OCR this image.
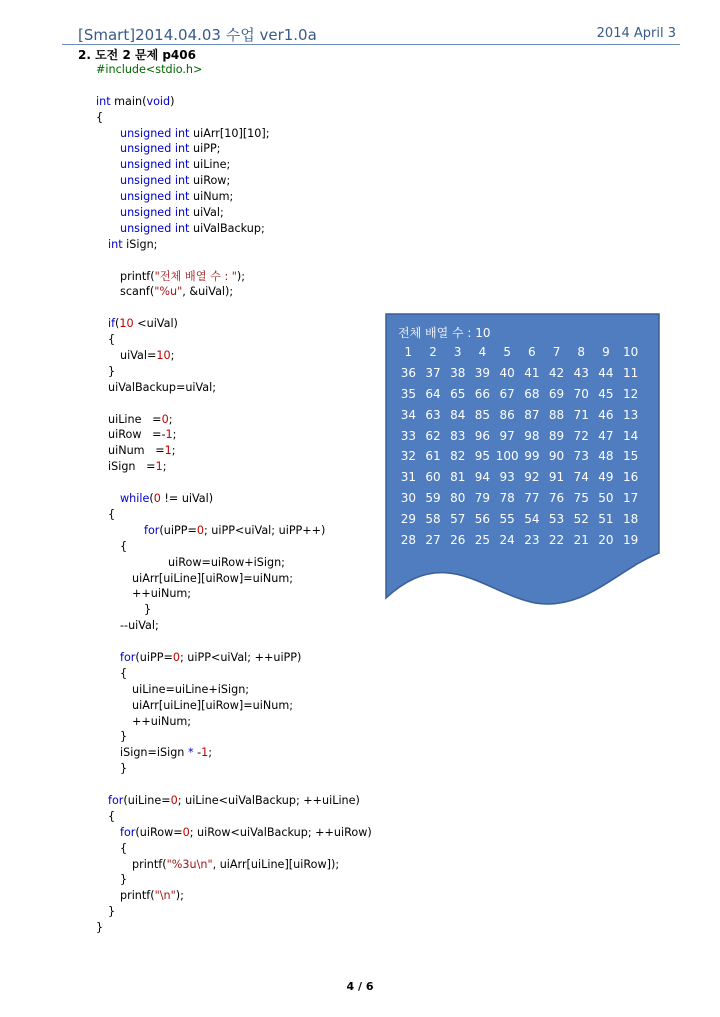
[Smart]2014.04.03 수업 ver1.0a	2014 April 3
2. 도전 2 문제 p406
#include<stdio.h>
int main(void)
{
unsigned int uiArr[10][10];
unsigned int uiPP;
unsigned int uiLine;
unsigned int uiRow;
unsigned int uiNum;
unsigned int uiVal;
unsigned int uiValBackup;
int iSign;
printf("전체 배열 수 : ");
scanf("%u", &uiVal);
if(10 <uiVal)
{
uiVal=10;
}
uiValBackup=uiVal;
uiLine   =0;
uiRow   =-1;
uiNum   =1;
iSign   =1;
while(0 != uiVal)
{
for(uiPP=0; uiPP<uiVal; uiPP++)
{
uiRow=uiRow+iSign;
uiArr[uiLine][uiRow]=uiNum;
++uiNum;
}
--uiVal;
for(uiPP=0; uiPP<uiVal; ++uiPP)
{
uiLine=uiLine+iSign;
uiArr[uiLine][uiRow]=uiNum;
++uiNum;
}
iSign=iSign * -1;
}
for(uiLine=0; uiLine<uiValBackup; ++uiLine)
{
for(uiRow=0; uiRow<uiValBackup; ++uiRow)
{
printf("%3u\n", uiArr[uiLine][uiRow]);
}
printf("\n");
}
}
전체 배열 수 : 10
1	2	3	4	5	6	7	8	9	10
36 37 38 39 40 41 42 43 44 11
35 64 65 66 67 68 69 70 45 12
34 63 84 85 86 87 88 71 46 13
33 62 83 96 97 98 89 72 47 14
32 61 82 95 100 99 90 73 48 15
31 60 81 94 93 92 91 74 49 16
30 59 80 79 78 77 76 75 50 17
29 58 57 56 55 54 53 52 51 18
28 27 26 25 24 23 22 21 20 19
4 / 6
